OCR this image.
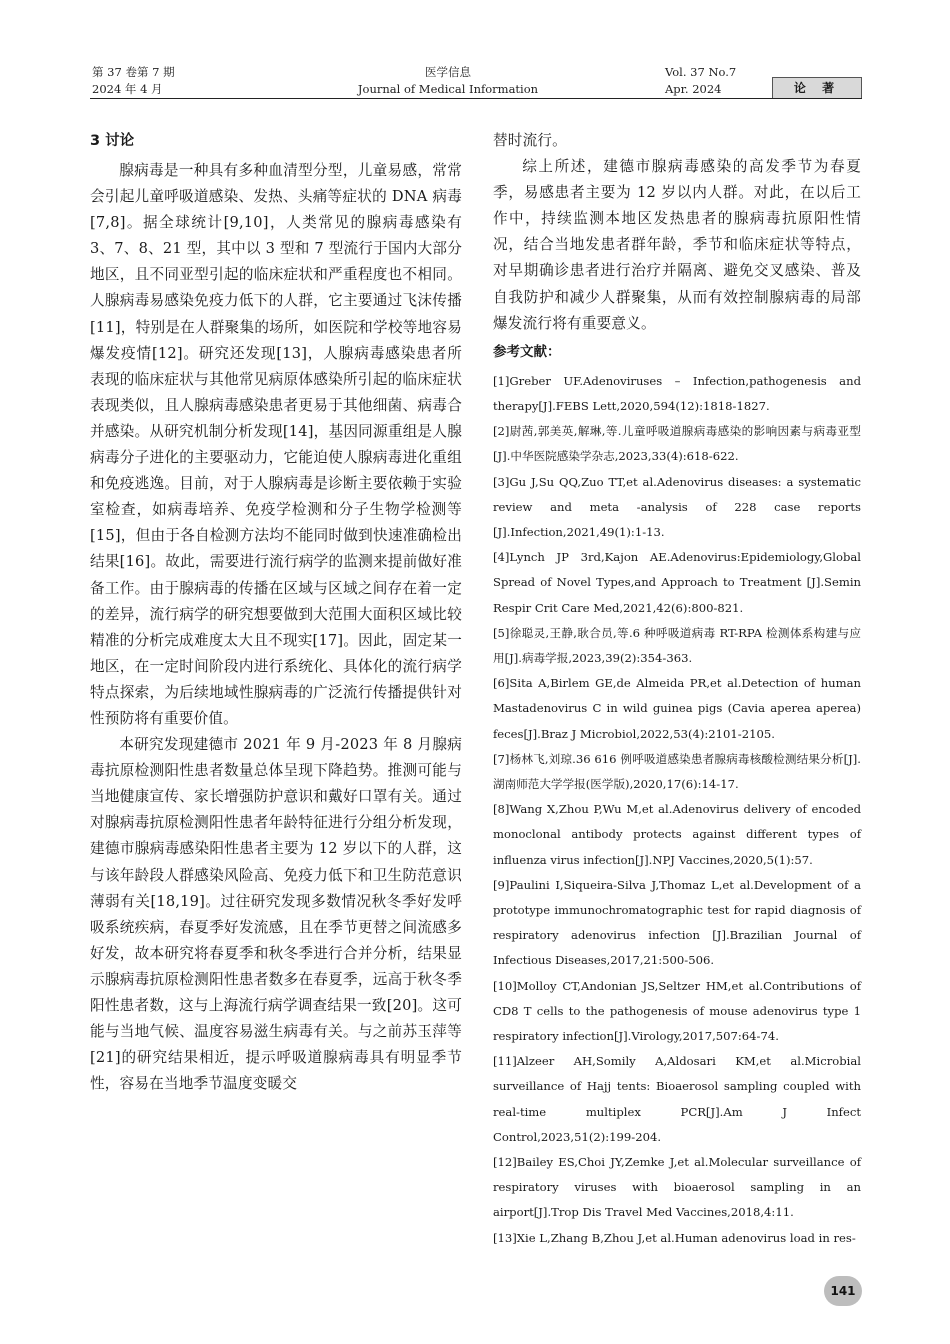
第 37 卷第 7 期
2024 年 4 月
医学信息
Journal of Medical Information
Vol. 37 No.7
Apr. 2024	论 著
3 讨论

腺病毒是一种具有多种血清型分型，儿童易感，常常会引起儿童呼吸道感染、发热、头痛等症状的 DNA 病毒[7,8]。据全球统计[9,10]，人类常见的腺病毒感染有 3、7、8、21 型，其中以 3 型和 7 型流行于国内大部分地区，且不同亚型引起的临床症状和严重程度也不相同。人腺病毒易感染免疫力低下的人群，它主要通过飞沫传播[11]，特别是在人群聚集的场所，如医院和学校等地容易爆发疫情[12]。研究还发现[13]，人腺病毒感染患者所表现的临床症状与其他常见病原体感染所引起的临床症状表现类似，且人腺病毒感染患者更易于其他细菌、病毒合并感染。从研究机制分析发现[14]，基因同源重组是人腺病毒分子进化的主要驱动力，它能迫使人腺病毒进化重组和免疫逃逸。目前，对于人腺病毒是诊断主要依赖于实验室检查，如病毒培养、免疫学检测和分子生物学检测等[15]，但由于各自检测方法均不能同时做到快速准确检出结果[16]。故此，需要进行流行病学的监测来提前做好准备工作。由于腺病毒的传播在区域与区域之间存在着一定的差异，流行病学的研究想要做到大范围大面积区域比较精准的分析完成难度太大且不现实[17]。因此，固定某一地区，在一定时间阶段内进行系统化、具体化的流行病学特点探索，为后续地域性腺病毒的广泛流行传播提供针对性预防将有重要价值。

本研究发现建德市 2021 年 9 月-2023 年 8 月腺病毒抗原检测阳性患者数量总体呈现下降趋势。推测可能与当地健康宣传、家长增强防护意识和戴好口罩有关。通过对腺病毒抗原检测阳性患者年龄特征进行分组分析发现，建德市腺病毒感染阳性患者主要为 12 岁以下的人群，这与该年龄段人群感染风险高、免疫力低下和卫生防范意识薄弱有关[18,19]。过往研究发现多数情况秋冬季好发呼吸系统疾病，春夏季好发流感，且在季节更替之间流感多好发，故本研究将春夏季和秋冬季进行合并分析，结果显示腺病毒抗原检测阳性患者数多在春夏季，远高于秋冬季阳性患者数，这与上海流行病学调查结果一致[20]。这可能与当地气候、温度容易滋生病毒有关。与之前苏玉萍等[21]的研究结果相近，提示呼吸道腺病毒具有明显季节性，容易在当地季节温度变暖交

替时流行。

综上所述，建德市腺病毒感染的高发季节为春夏季，易感患者主要为 12 岁以内人群。对此，在以后工作中，持续监测本地区发热患者的腺病毒抗原阳性情况，结合当地发患者群年龄，季节和临床症状等特点，对早期确诊患者进行治疗并隔离、避免交叉感染、普及自我防护和减少人群聚集，从而有效控制腺病毒的局部爆发流行将有重要意义。

参考文献：
[1]Greber UF.Adenoviruses – Infection,pathogenesis and therapy[J].FEBS Lett,2020,594(12):1818-1827.
[2]尉茜,郭美英,解琳,等.儿童呼吸道腺病毒感染的影响因素与病毒亚型[J].中华医院感染学杂志,2023,33(4):618-622.
[3]Gu J,Su QQ,Zuo TT,et al.Adenovirus diseases: a systematic review and meta -analysis of 228 case reports [J].Infection,2021,49(1):1-13.
[4]Lynch JP 3rd,Kajon AE.Adenovirus:Epidemiology,Global Spread of Novel Types,and Approach to Treatment [J].Semin Respir Crit Care Med,2021,42(6):800-821.
[5]徐聪灵,王静,耿合员,等.6 种呼吸道病毒 RT-RPA 检测体系构建与应用[J].病毒学报,2023,39(2):354-363.
[6]Sita A,Birlem GE,de Almeida PR,et al.Detection of human Mastadenovirus C in wild guinea pigs (Cavia aperea aperea) feces[J].Braz J Microbiol,2022,53(4):2101-2105.
[7]杨林飞,刘琼.36 616 例呼吸道感染患者腺病毒核酸检测结果分析[J].湖南师范大学学报(医学版),2020,17(6):14-17.
[8]Wang X,Zhou P,Wu M,et al.Adenovirus delivery of encoded monoclonal antibody protects against different types of influenza virus infection[J].NPJ Vaccines,2020,5(1):57.
[9]Paulini I,Siqueira-Silva J,Thomaz L,et al.Development of a prototype immunochromatographic test for rapid diagnosis of respiratory adenovirus infection [J].Brazilian Journal of Infectious Diseases,2017,21:500-506.
[10]Molloy CT,Andonian JS,Seltzer HM,et al.Contributions of CD8 T cells to the pathogenesis of mouse adenovirus type 1 respiratory infection[J].Virology,2017,507:64-74.
[11]Alzeer AH,Somily A,Aldosari KM,et al.Microbial surveillance of Hajj tents: Bioaerosol sampling coupled with real-time multiplex PCR[J].Am J Infect Control,2023,51(2):199-204.
[12]Bailey ES,Choi JY,Zemke J,et al.Molecular surveillance of respiratory viruses with bioaerosol sampling in an airport[J].Trop Dis Travel Med Vaccines,2018,4:11.
[13]Xie L,Zhang B,Zhou J,et al.Human adenovirus load in res-
141
